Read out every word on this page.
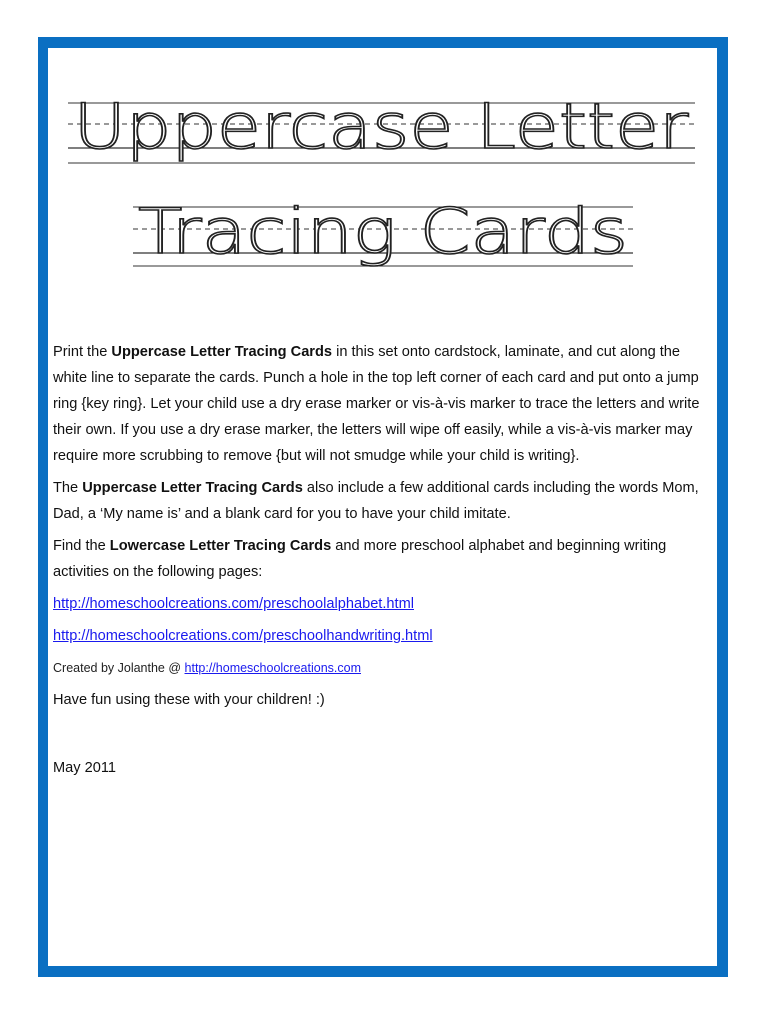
Uppercase Letter
Tracing Cards

Print the Uppercase Letter Tracing Cards in this set onto cardstock, laminate, and cut along the white line to separate the cards. Punch a hole in the top left corner of each card and put onto a jump ring {key ring}. Let your child use a dry erase marker or vis-à-vis marker to trace the letters and write their own. If you use a dry erase marker, the letters will wipe off easily, while a vis-à-vis marker may require more scrubbing to remove {but will not smudge while your child is writing}.

The Uppercase Letter Tracing Cards also include a few additional cards including the words Mom, Dad, a ‘My name is’ and a blank card for you to have your child imitate.

Find the Lowercase Letter Tracing Cards and more preschool alphabet and beginning writing activities on the following pages:

http://homeschoolcreations.com/preschoolalphabet.html

http://homeschoolcreations.com/preschoolhandwriting.html

Created by Jolanthe @ http://homeschoolcreations.com

Have fun using these with your children! :)

May 2011
